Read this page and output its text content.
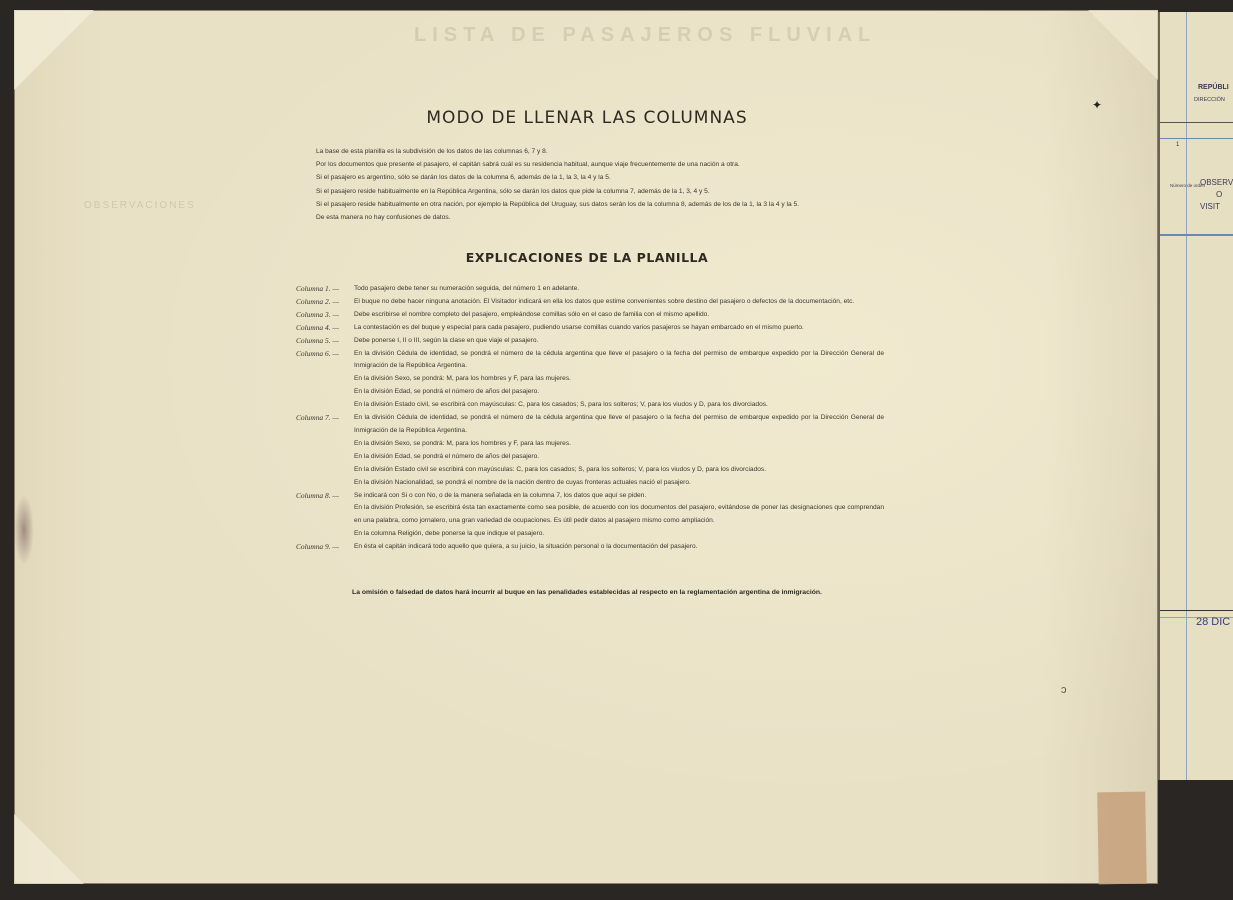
LISTA DE PASAJEROS FLUVIAL
OBSERVACIONES
✦
ↄ
MODO DE LLENAR LAS COLUMNAS

La base de esta planilla es la subdivisión de los datos de las columnas 6, 7 y 8.

Por los documentos que presente el pasajero, el capitán sabrá cuál es su residencia habitual, aunque viaje frecuentemente de una nación a otra.

Si el pasajero es argentino, sólo se darán los datos de la columna 6, además de la 1, la 3, la 4 y la 5.

Si el pasajero reside habitualmente en la República Argentina, sólo se darán los datos que pide la columna 7, además de la 1, 3, 4 y 5.

Si el pasajero reside habitualmente en otra nación, por ejemplo la República del Uruguay, sus datos serán los de la columna 8, además de los de la 1, la 3 la 4 y la 5.

De esta manera no hay confusiones de datos.

EXPLICACIONES DE LA PLANILLA
Columna 1. —	Todo pasajero debe tener su numeración seguida, del número 1 en adelante.
Columna 2. —	El buque no debe hacer ninguna anotación. El Visitador indicará en ella los datos que estime convenientes sobre destino del pasajero o defectos de la documentación, etc.
Columna 3. —	Debe escribirse el nombre completo del pasajero, empleándose comillas sólo en el caso de familia con el mismo apellido.
Columna 4. —	La contestación es del buque y especial para cada pasajero, pudiendo usarse comillas cuando varios pasajeros se hayan embarcado en el mismo puerto.
Columna 5. —	Debe ponerse I, II o III, según la clase en que viaje el pasajero.
Columna 6. —	En la división Cédula de identidad, se pondrá el número de la cédula argentina que lleve el pasajero o la fecha del permiso de embarque expedido por la Dirección General de Inmigración de la República Argentina.
En la división Sexo, se pondrá: M, para los hombres y F, para las mujeres.
En la división Edad, se pondrá el número de años del pasajero.
En la división Estado civil, se escribirá con mayúsculas: C, para los casados; S, para los solteros; V, para los viudos y D, para los divorciados.
Columna 7. —	En la división Cédula de identidad, se pondrá el número de la cédula argentina que lleve el pasajero o la fecha del permiso de embarque expedido por la Dirección General de Inmigración de la República Argentina.
En la división Sexo, se pondrá: M, para los hombres y F, para las mujeres.
En la división Edad, se pondrá el número de años del pasajero.
En la división Estado civil se escribirá con mayúsculas: C, para los casados; S, para los solteros; V, para los viudos y D, para los divorciados.
En la división Nacionalidad, se pondrá el nombre de la nación dentro de cuyas fronteras actuales nació el pasajero.
Columna 8. —	Se indicará con Si o con No, o de la manera señalada en la columna 7, los datos que aquí se piden.
En la división Profesión, se escribirá ésta tan exactamente como sea posible, de acuerdo con los documentos del pasajero, evitándose de poner las designaciones que comprendan en una palabra, como jornalero, una gran variedad de ocupaciones. Es útil pedir datos al pasajero mismo como ampliación.
En la columna Religión, debe ponerse la que indique el pasajero.
Columna 9. —	En ésta el capitán indicará todo aquello que quiera, a su juicio, la situación personal o la documentación del pasajero.
La omisión o falsedad de datos hará incurrir al buque en las penalidades establecidas al respecto en la reglamentación argentina de inmigración.
REPÚBLI
DIRECCIÓN
1
Número de orden
OBSERV
O
VISIT
28 DIC
